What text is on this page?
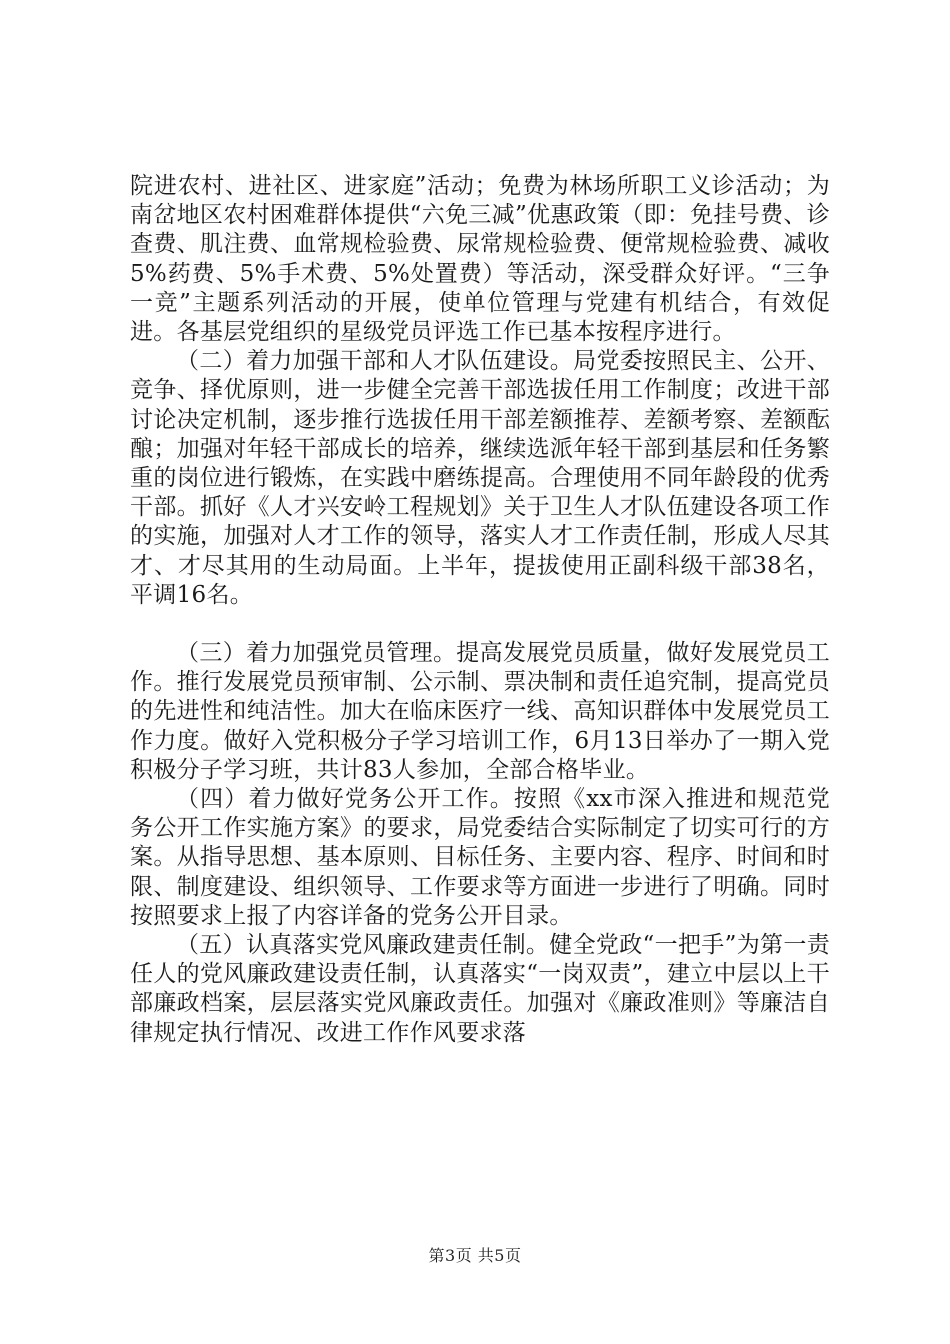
院进农村、进社区、进家庭”活动；免费为林场所职工义诊活动；为南岔地区农村困难群体提供“六免三减”优惠政策（即：免挂号费、诊查费、肌注费、血常规检验费、尿常规检验费、便常规检验费、减收5%药费、5%手术费、5%处置费）等活动，深受群众好评。“三争一竞”主题系列活动的开展，使单位管理与党建有机结合，有效促进。各基层党组织的星级党员评选工作已基本按程序进行。

（二）着力加强干部和人才队伍建设。局党委按照民主、公开、竞争、择优原则，进一步健全完善干部选拔任用工作制度；改进干部讨论决定机制，逐步推行选拔任用干部差额推荐、差额考察、差额酝酿；加强对年轻干部成长的培养，继续选派年轻干部到基层和任务繁重的岗位进行锻炼，在实践中磨练提高。合理使用不同年龄段的优秀干部。抓好《人才兴安岭工程规划》关于卫生人才队伍建设各项工作的实施，加强对人才工作的领导，落实人才工作责任制，形成人尽其才、才尽其用的生动局面。上半年，提拔使用正副科级干部38名，平调16名。

（三）着力加强党员管理。提高发展党员质量，做好发展党员工作。推行发展党员预审制、公示制、票决制和责任追究制，提高党员的先进性和纯洁性。加大在临床医疗一线、高知识群体中发展党员工作力度。做好入党积极分子学习培训工作，6月13日举办了一期入党积极分子学习班，共计83人参加，全部合格毕业。

（四）着力做好党务公开工作。按照《xx市深入推进和规范党务公开工作实施方案》的要求，局党委结合实际制定了切实可行的方案。从指导思想、基本原则、目标任务、主要内容、程序、时间和时限、制度建设、组织领导、工作要求等方面进一步进行了明确。同时按照要求上报了内容详备的党务公开目录。

（五）认真落实党风廉政建责任制。健全党政“一把手”为第一责任人的党风廉政建设责任制，认真落实“一岗双责”，建立中层以上干部廉政档案，层层落实党风廉政责任。加强对《廉政准则》等廉洁自律规定执行情况、改进工作作风要求落

第3页 共5页
